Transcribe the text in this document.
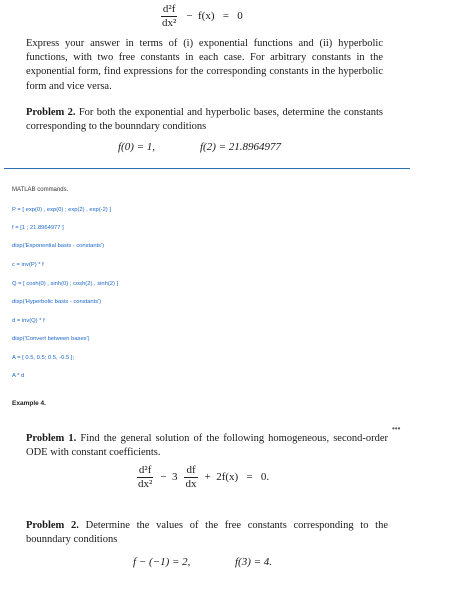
$\frac{\text{d²f}}{\text{dx²}} - f(x) = 0$
Express your answer in terms of (i) exponential functions and (ii) hyperbolic functions, with two free constants in each case. For arbitrary constants in the exponential form, find expressions for the corresponding constants in the hyperbolic form and vice versa.
Problem 2. For both the exponential and hyperbolic bases, determine the constants corresponding to the bounndary conditions
f(0) = 1,	f(2) = 21.8964977
MATLAB commands.
P = [ exp(0) , exp(0) ; exp(2) , exp(-2) ]
f = [1 ; 21.8964977 ]
disp('Exponential basis - constants')
c = inv(P) * f
Q = [ cosh(0) , sinh(0) ; cosh(2) , sinh(2) ]
disp('Hyperbolic basis - constants')
d = inv(Q) * f
disp('Convert between bases')
A = [ 0.5, 0.5; 0.5, -0.5 ];
A * d
Example 4.
•••
Problem 1. Find the general solution of the following homogeneous, second-order ODE with constant coefficients.
$\frac{\text{d²f}}{\text{dx²}} - 3 \frac{df}{dx} + 2f(x) = 0$.
Problem 2. Determine the values of the free constants corresponding to the bounndary conditions
f − (−1) = 2,	f(3) = 4.
